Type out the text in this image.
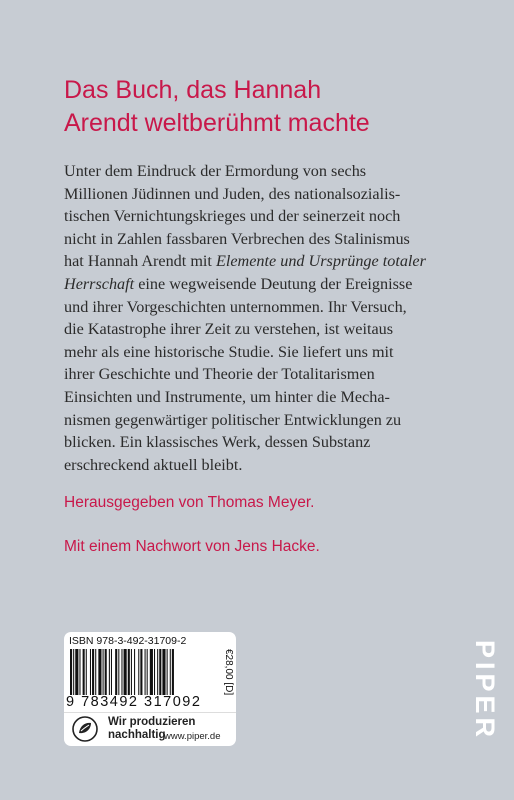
Das Buch, das Hannah
Arendt weltberühmt machte
Unter dem Eindruck der Ermordung von sechs
Millionen Jüdinnen und Juden, des nationalsozialis-
tischen Vernichtungskrieges und der seinerzeit noch
nicht in Zahlen fassbaren Verbrechen des Stalinismus
hat Hannah Arendt mit Elemente und Ursprünge totaler
Herrschaft eine wegweisende Deutung der Ereignisse
und ihrer Vorgeschichten unternommen. Ihr Versuch,
die Katastrophe ihrer Zeit zu verstehen, ist weitaus
mehr als eine historische Studie. Sie liefert uns mit
ihrer Geschichte und Theorie der Totalitarismen
Einsichten und Instrumente, um hinter die Mecha-
nismen gegenwärtiger politischer Entwicklungen zu
blicken. Ein klassisches Werk, dessen Substanz
erschreckend aktuell bleibt.

Herausgegeben von Thomas Meyer.

Mit einem Nachwort von Jens Hacke.

ISBN 978-3-492-31709-2
9 783492 317092
€28,00 [D]
Wir produzieren
nachhaltig
www.piper.de	PIPER
